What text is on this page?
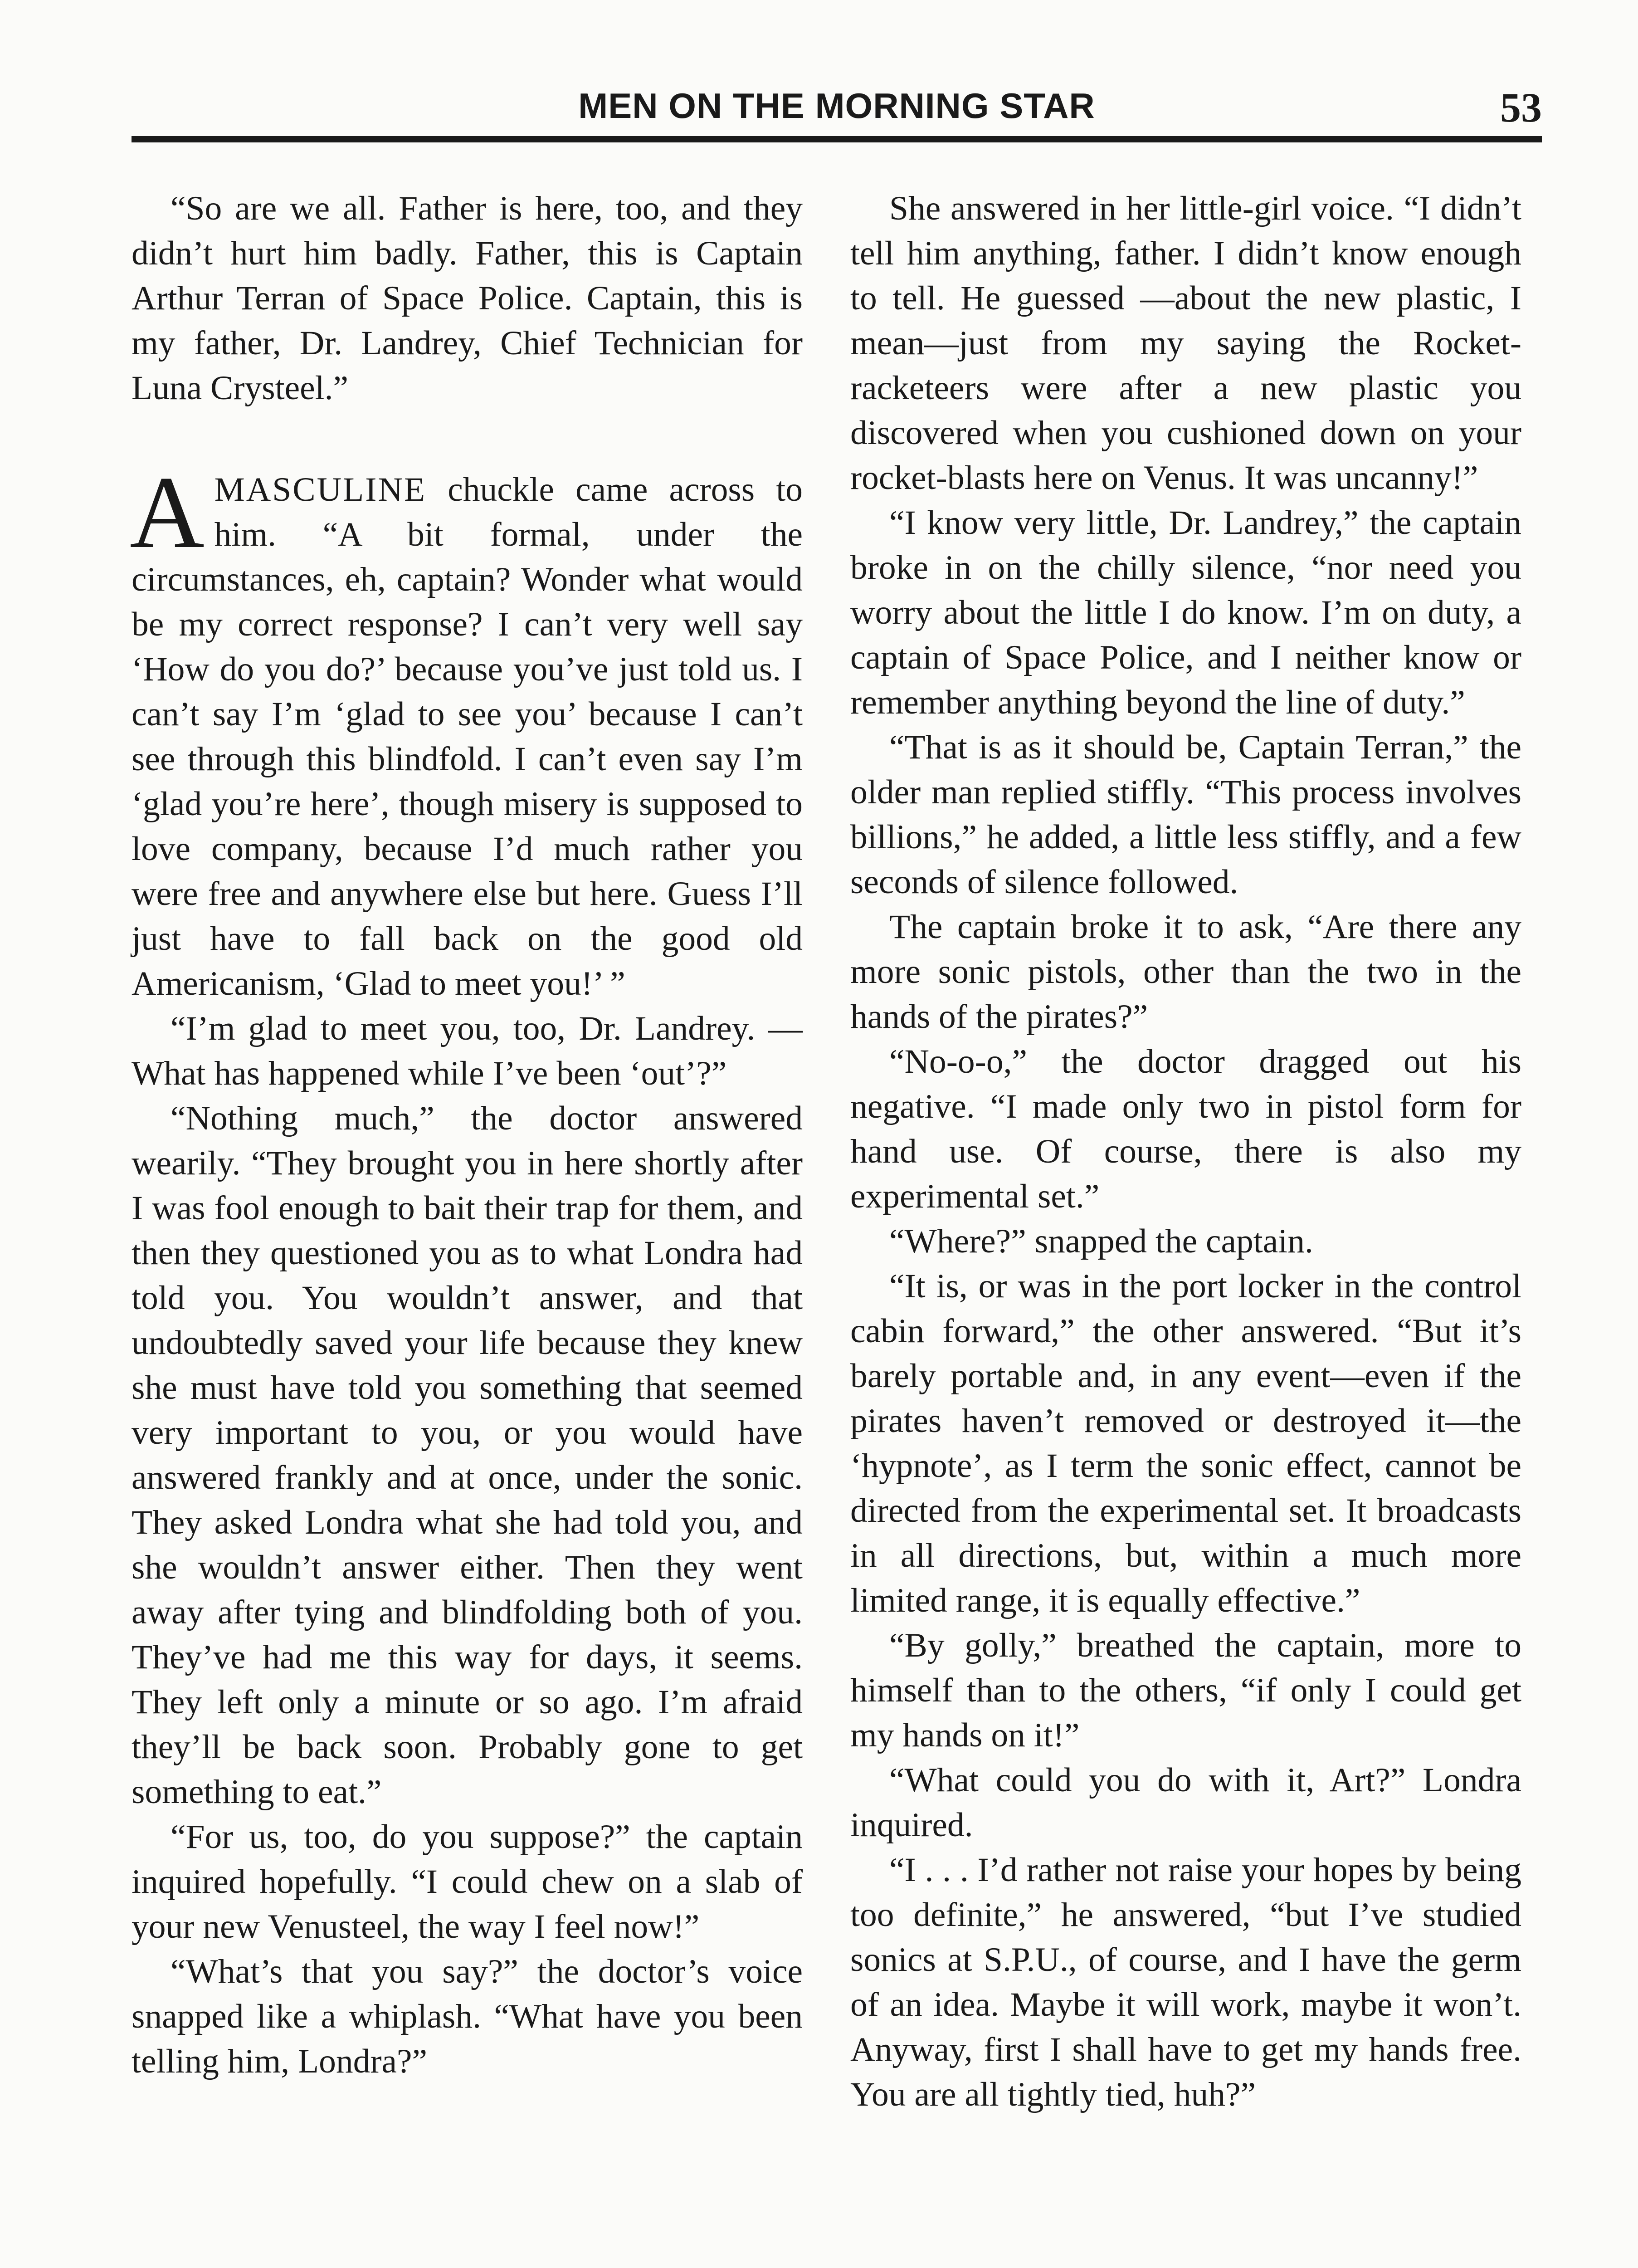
MEN ON THE MORNING STAR	53

“So are we all. Father is here, too, and they didn’t hurt him badly. Father, this is Captain Arthur Terran of Space Police. Captain, this is my father, Dr. Landrey, Chief Technician for Luna Crysteel.”

AMASCULINE chuckle came across to him. “A bit formal, under the circumstances, eh, captain? Wonder what would be my correct response? I can’t very well say ‘How do you do?’ because you’ve just told us. I can’t say I’m ‘glad to see you’ because I can’t see through this blindfold. I can’t even say I’m ‘glad you’re here’, though misery is supposed to love company, because I’d much rather you were free and anywhere else but here. Guess I’ll just have to fall back on the good old Americanism, ‘Glad to meet you!’ ”

“I’m glad to meet you, too, Dr. Landrey. —What has happened while I’ve been ‘out’?”

“Nothing much,” the doctor answered wearily. “They brought you in here shortly after I was fool enough to bait their trap for them, and then they questioned you as to what Londra had told you. You wouldn’t answer, and that undoubtedly saved your life because they knew she must have told you something that seemed very important to you, or you would have answered frankly and at once, under the sonic. They asked Londra what she had told you, and she wouldn’t answer either. Then they went away after tying and blindfolding both of you. They’ve had me this way for days, it seems. They left only a minute or so ago. I’m afraid they’ll be back soon. Probably gone to get something to eat.”

“For us, too, do you suppose?” the captain inquired hopefully. “I could chew on a slab of your new Venusteel, the way I feel now!”

“What’s that you say?” the doctor’s voice snapped like a whiplash. “What have you been telling him, Londra?”

She answered in her little-girl voice. “I didn’t tell him anything, father. I didn’t know enough to tell. He guessed —about the new plastic, I mean—just from my saying the Rocket-racketeers were after a new plastic you discovered when you cushioned down on your rocket-blasts here on Venus. It was uncanny!”

“I know very little, Dr. Landrey,” the captain broke in on the chilly silence, “nor need you worry about the little I do know. I’m on duty, a captain of Space Police, and I neither know or remember anything beyond the line of duty.”

“That is as it should be, Captain Terran,” the older man replied stiffly. “This process involves billions,” he added, a little less stiffly, and a few seconds of silence followed.

The captain broke it to ask, “Are there any more sonic pistols, other than the two in the hands of the pirates?”

“No-o-o,” the doctor dragged out his negative. “I made only two in pistol form for hand use. Of course, there is also my experimental set.”

“Where?” snapped the captain.

“It is, or was in the port locker in the control cabin forward,” the other answered. “But it’s barely portable and, in any event—even if the pirates haven’t removed or destroyed it—the ‘hypnote’, as I term the sonic effect, cannot be directed from the experimental set. It broadcasts in all directions, but, within a much more limited range, it is equally effective.”

“By golly,” breathed the captain, more to himself than to the others, “if only I could get my hands on it!”

“What could you do with it, Art?” Londra inquired.

“I . . . I’d rather not raise your hopes by being too definite,” he answered, “but I’ve studied sonics at S.P.U., of course, and I have the germ of an idea. Maybe it will work, maybe it won’t. Anyway, first I shall have to get my hands free. You are all tightly tied, huh?”
